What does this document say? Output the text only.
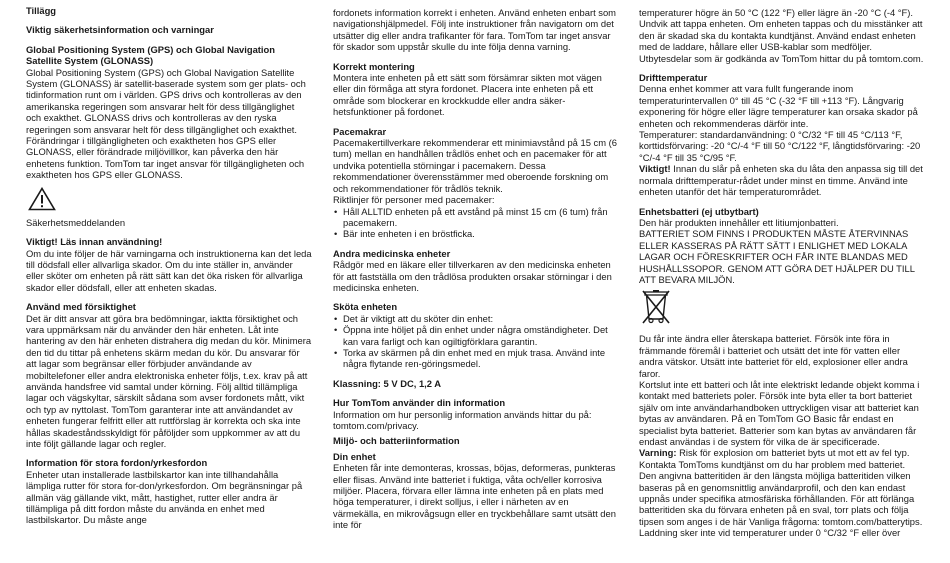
Tillägg

Viktig säkerhetsinformation och varningar

Global Positioning System (GPS) och Global Navigation Satellite System (GLONASS)

Global Positioning System (GPS) och Global Navigation Satellite System (GLONASS) är satellit-baserade system som ger plats- och tidinformation runt om i världen. GPS drivs och kontrolleras av den amerikanska regeringen som ansvarar helt för dess tillgänglighet och exakthet. GLONASS drivs och kontrolleras av den ryska regeringen som ansvarar helt för dess tillgänglighet och exakthet. Förändringar i tillgängligheten och exaktheten hos GPS eller GLONASS, eller förändrade miljövillkor, kan påverka den här enhetens funktion. TomTom tar inget ansvar för tillgängligheten och exaktheten hos GPS eller GLONASS.

Säkerhetsmeddelanden

Viktigt! Läs innan användning!

Om du inte följer de här varningarna och instruktionerna kan det leda till dödsfall eller allvarliga skador. Om du inte ställer in, använder eller sköter om enheten på rätt sätt kan det öka risken för allvarliga skador eller dödsfall, eller att enheten skadas.

Använd med försiktighet

Det är ditt ansvar att göra bra bedömningar, iaktta försiktighet och vara uppmärksam när du använder den här enheten. Låt inte hantering av den här enheten distrahera dig medan du kör. Minimera den tid du tittar på enhetens skärm medan du kör. Du ansvarar för att lagar som begränsar eller förbjuder användande av mobiltelefoner eller andra elektroniska enheter följs, t.ex. krav på att använda handsfree vid samtal under körning. Följ alltid tillämpliga lagar och vägskyltar, särskilt sådana som avser fordonets mått, vikt och typ av nyttolast. TomTom garanterar inte att användandet av enheten fungerar felfritt eller att ruttförslag är korrekta och ska inte hållas skadeståndsskyldigt för påföljder som uppkommer av att du inte följt gällande lagar och regler.

Information för stora fordon/yrkesfordon

Enheter utan installerade lastbilskartor kan inte tillhandahålla lämpliga rutter för stora for-don/yrkesfordon. Om begränsningar på allmän väg gällande vikt, mått, hastighet, rutter eller andra är tillämpliga på ditt fordon måste du använda en enhet med lastbilskartor. Du måste ange

fordonets information korrekt i enheten. Använd enheten enbart som navigationshjälpmedel. Följ inte instruktioner från navigatorn om det utsätter dig eller andra trafikanter för fara. TomTom tar inget ansvar för skador som uppstår skulle du inte följa denna varning.

Korrekt montering

Montera inte enheten på ett sätt som försämrar sikten mot vägen eller din förmåga att styra fordonet. Placera inte enheten på ett område som blockerar en krockkudde eller andra säker-hetsfunktioner på fordonet.

Pacemakrar

Pacemakertillverkare rekommenderar ett minimiavstånd på 15 cm (6 tum) mellan en handhållen trådlös enhet och en pacemaker för att undvika potentiella störningar i pacemakern. Dessa rekommendationer överensstämmer med oberoende forskning om och rekommendationer för trådlös teknik.

Riktlinjer för personer med pacemaker:

• Håll ALLTID enheten på ett avstånd på minst 15 cm (6 tum) från pacemakern.
• Bär inte enheten i en bröstficka.

Andra medicinska enheter

Rådgör med en läkare eller tillverkaren av den medicinska enheten för att fastställa om den trådlösa produkten orsakar störningar i den medicinska enheten.

Sköta enheten

• Det är viktigt att du sköter din enhet:
• Öppna inte höljet på din enhet under några omständigheter. Det kan vara farligt och kan ogiltigförklara garantin.
• Torka av skärmen på din enhet med en mjuk trasa. Använd inte några flytande ren-göringsmedel.

Klassning: 5 V DC, 1,2 A

Hur TomTom använder din information

Information om hur personlig information används hittar du på: tomtom.com/privacy.

Miljö- och batteriinformation

Din enhet

Enheten får inte demonteras, krossas, böjas, deformeras, punkteras eller flisas. Använd inte batteriet i fuktiga, våta och/eller korrosiva miljöer. Placera, förvara eller lämna inte enheten på en plats med höga temperaturer, i direkt solljus, i eller i närheten av en värmekälla, en mikrovågsugn eller en tryckbehållare samt utsätt den inte för

temperaturer högre än 50 °C (122 °F) eller lägre än -20 °C (-4 °F). Undvik att tappa enheten. Om enheten tappas och du misstänker att den är skadad ska du kontakta kundtjänst. Använd endast enheten med de laddare, hållare eller USB-kablar som medföljer. Utbytesdelar som är godkända av TomTom hittar du på tomtom.com.

Drifttemperatur

Denna enhet kommer att vara fullt fungerande inom temperaturintervallen 0° till 45 °C (-32 °F till +113 °F). Långvarig exponering för högre eller lägre temperaturer kan orsaka skador på enheten och rekommenderas därför inte.

Temperaturer: standardanvändning: 0 °C/32 °F till 45 °C/113 °F, korttidsförvaring: -20 °C/-4 °F till 50 °C/122 °F, långtidsförvaring: -20 °C/-4 °F till 35 °C/95 °F.

Viktigt! Innan du slår på enheten ska du låta den anpassa sig till det normala drifttemperatur-rådet under minst en timme. Använd inte enheten utanför det här temperaturområdet.

Enhetsbatteri (ej utbytbart)

Den här produkten innehåller ett litiumjonbatteri.

BATTERIET SOM FINNS I PRODUKTEN MÅSTE ÅTERVINNAS ELLER KASSERAS PÅ RÄTT SÄTT I ENLIGHET MED LOKALA LAGAR OCH FÖRESKRIFTER OCH FÅR INTE BLANDAS MED HUSHÅLLSSOPOR. GENOM ATT GÖRA DET HJÄLPER DU TILL ATT BEVARA MILJÖN.

Du får inte ändra eller återskapa batteriet. Försök inte föra in främmande föremål i batteriet och utsätt det inte för vatten eller andra vätskor. Utsätt inte batteriet för eld, explosioner eller andra faror.

Kortslut inte ett batteri och låt inte elektriskt ledande objekt komma i kontakt med batteriets poler. Försök inte byta eller ta bort batteriet själv om inte användarhandboken uttryckligen visar att batteriet kan bytas av användaren. På en TomTom GO Basic får endast en specialist byta batteriet. Batterier som kan bytas av användaren får endast användas i de system för vilka de är specificerade.

Varning: Risk för explosion om batteriet byts ut mot ett av fel typ.

Kontakta TomToms kundtjänst om du har problem med batteriet.

Den angivna batteritiden är den längsta möjliga batteritiden vilken baseras på en genomsnittlig användarprofil, och den kan endast uppnås under specifika atmosfäriska förhållanden. För att förlänga batteritiden ska du förvara enheten på en sval, torr plats och följa tipsen som anges i de här Vanliga frågorna: tomtom.com/batterytips. Laddning sker inte vid temperaturer under 0 °C/32 °F eller över
